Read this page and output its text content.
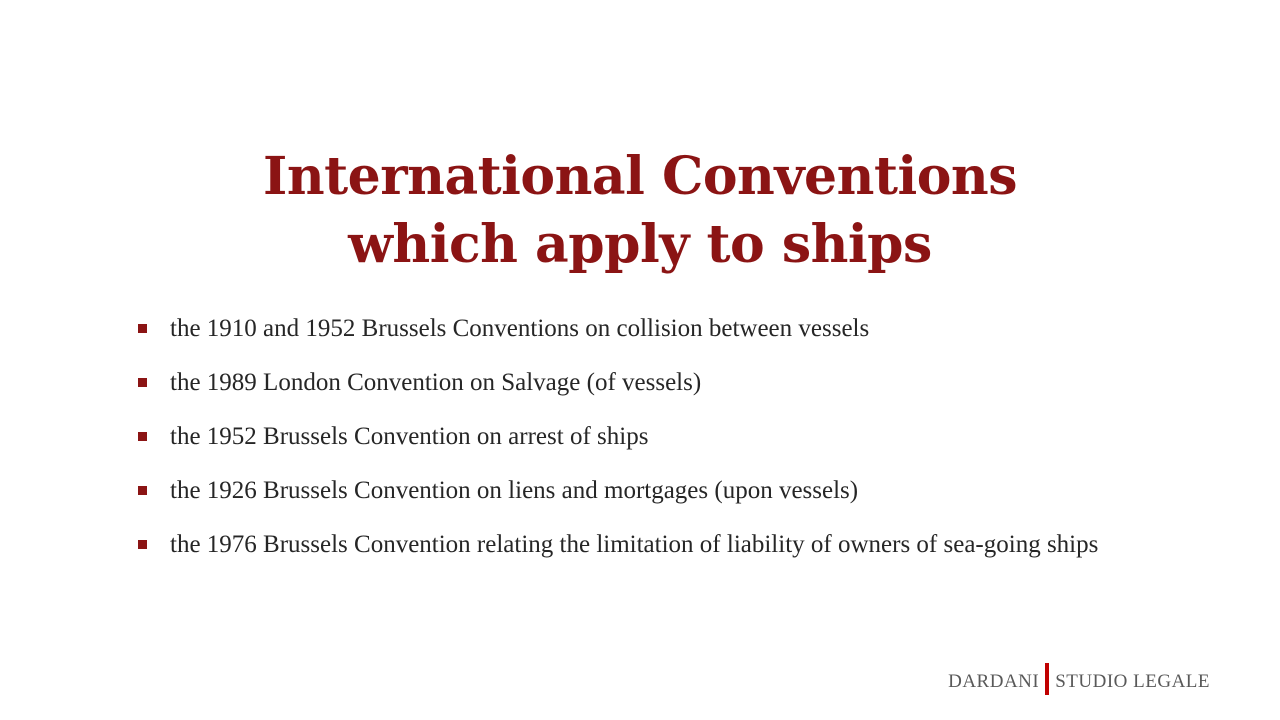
International Conventions
which apply to ships
the 1910 and 1952 Brussels Conventions on collision between vessels
the 1989 London Convention on Salvage (of vessels)
the 1952 Brussels Convention on arrest of ships
the 1926 Brussels Convention on liens and mortgages (upon vessels)
the 1976 Brussels Convention relating the limitation of liability of owners of sea-going ships
DARDANI STUDIO LEGALE
